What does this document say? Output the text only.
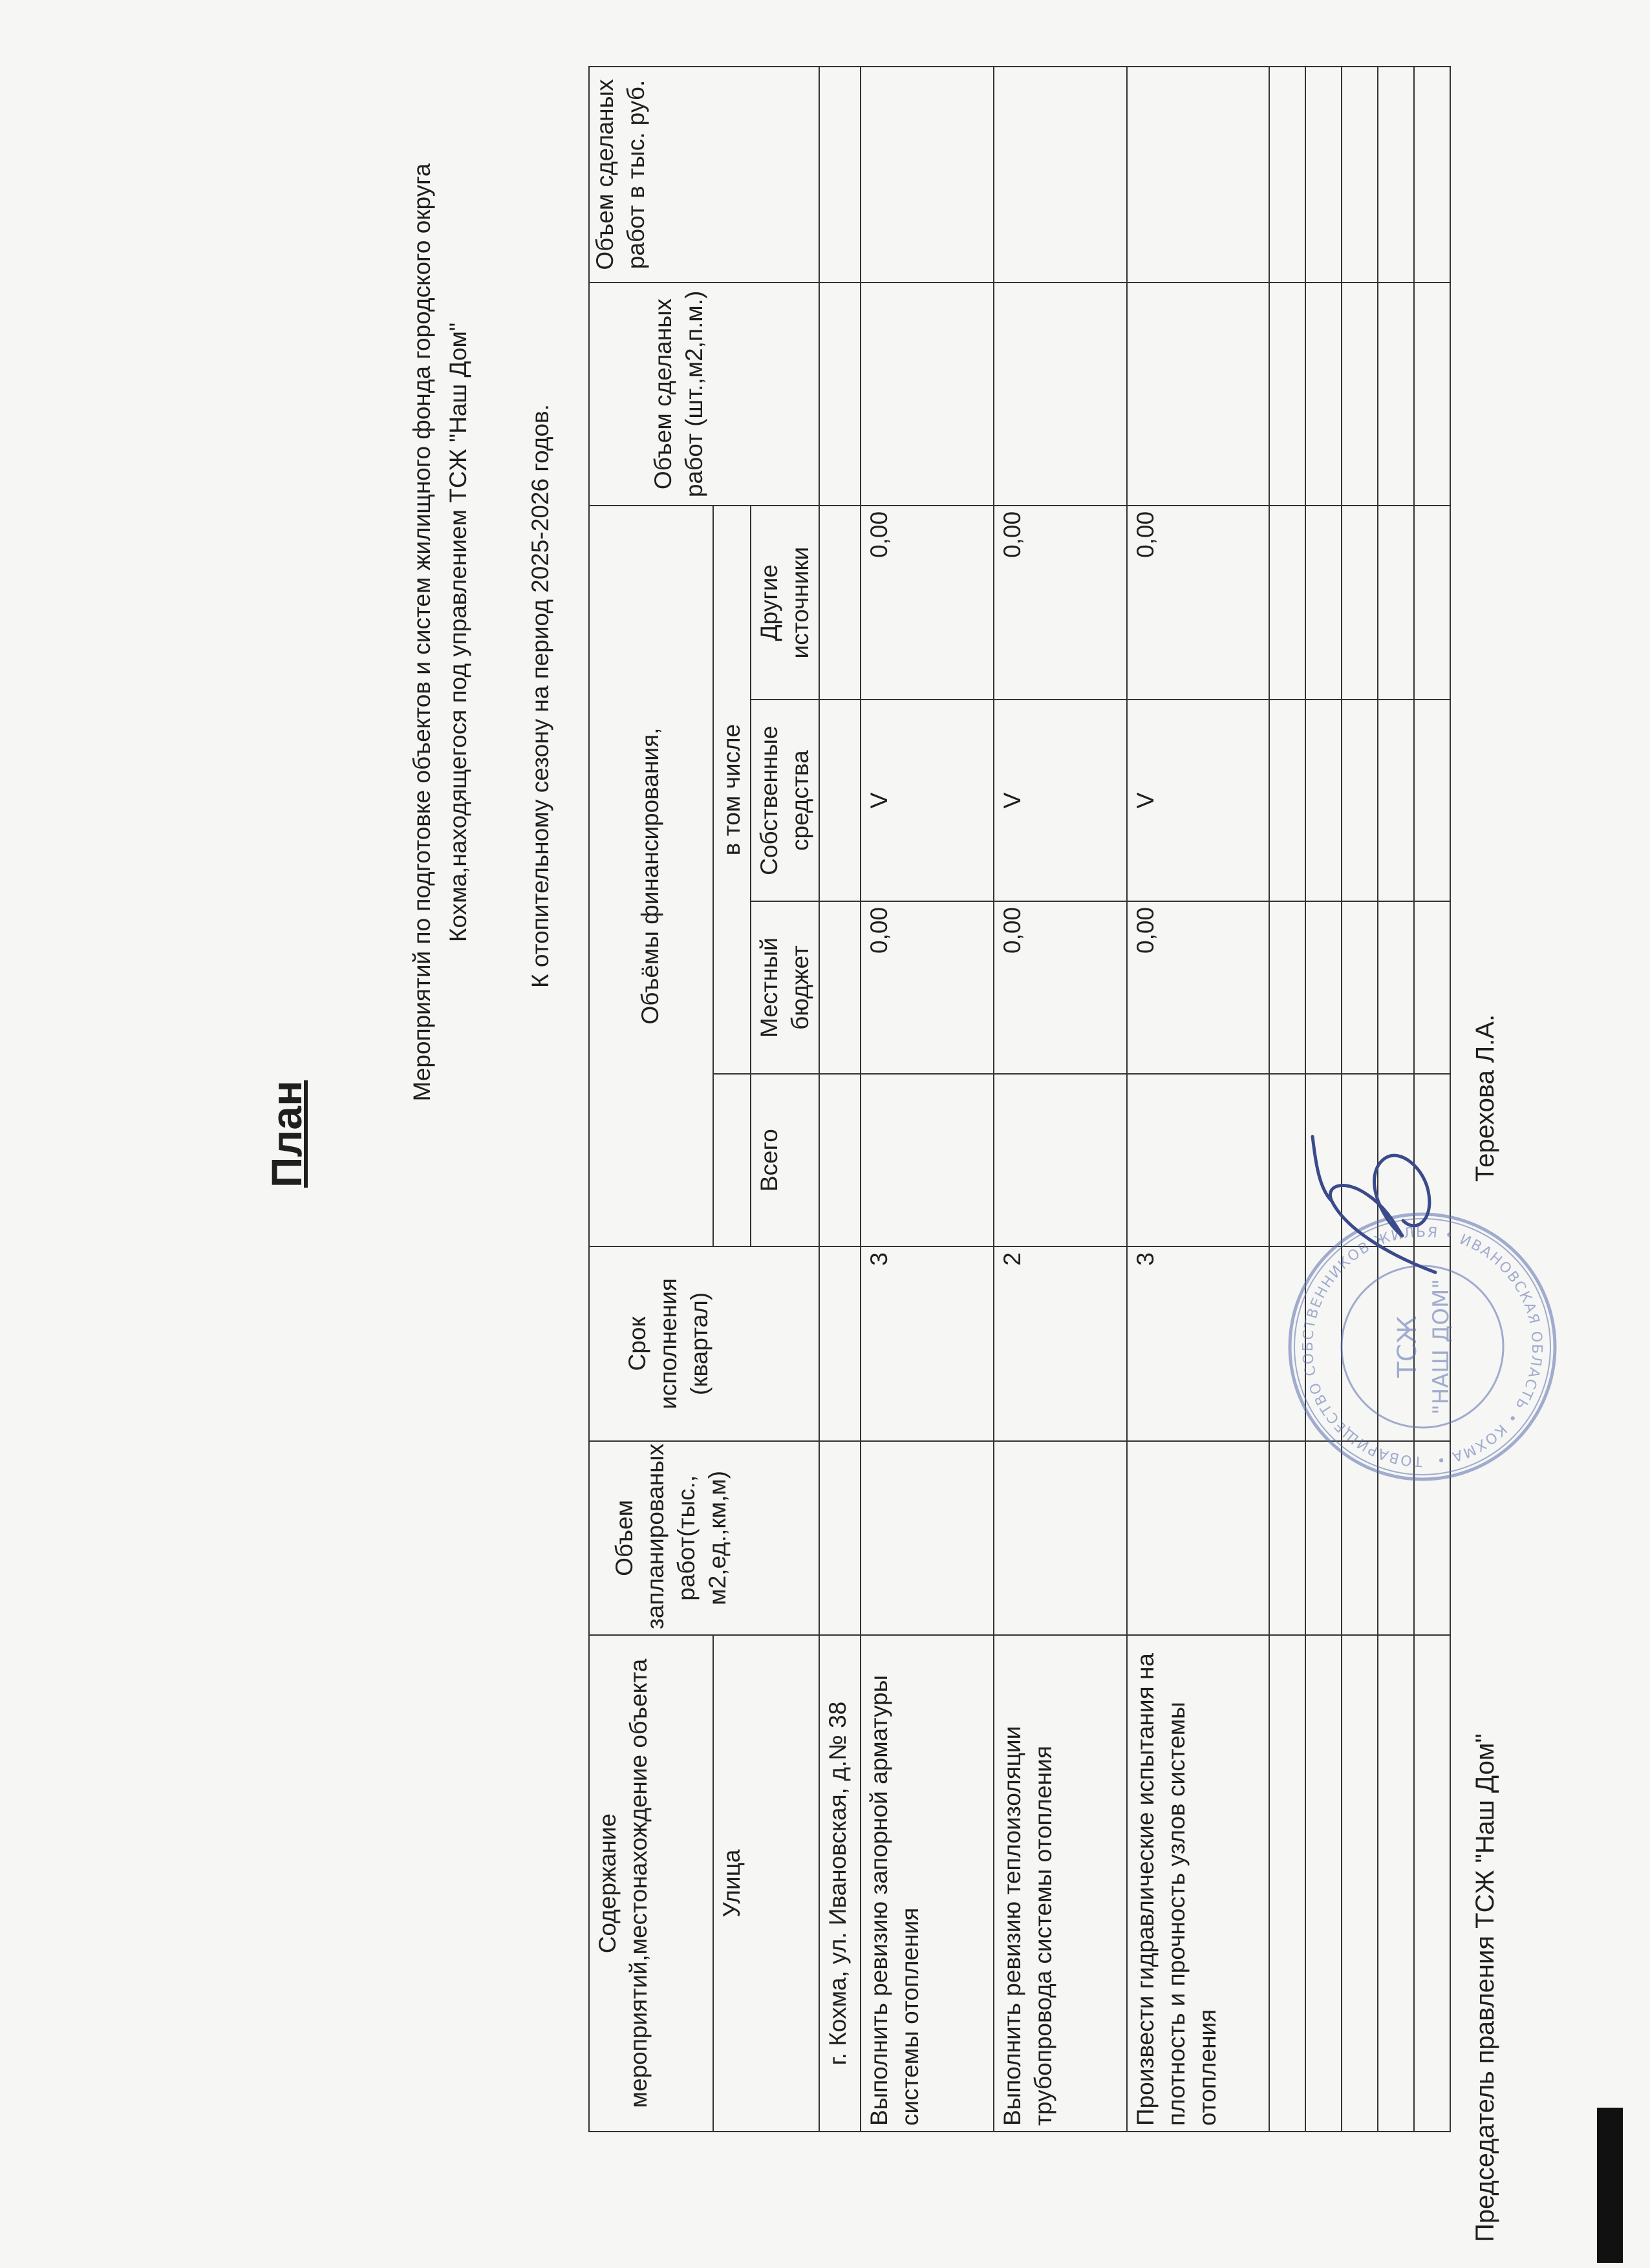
План
Мероприятий по подготовке объектов и систем жилищного фонда городского округа Кохма,находящегося под управлением ТСЖ "Наш Дом" К отопительному сезону на период 2025-2026 годов.
Содержание мероприятий,местонахождение объекта	Объем запланированых работ(тыс., м2,ед.,км,м)	Срок исполнения (квартал)	Объёмы финансирования,				Объем сделаных работ (шт.,м2,п.м.)	Объем сделаных работ в тыс. руб.
Улица				в том числе				
			Всего	Местный бюджет	Собственные средства	Другие источники		
г. Кохма, ул. Ивановская, д.№ 38								
Выполнить ревизию запорной арматуры системы отопления		3		0,00	V	0,00		
Выполнить ревизию теплоизоляции трубопровода системы отопления		2		0,00	V	0,00		
Произвести гидравлические испытания на плотность и прочность узлов системы отопления		3		0,00	V	0,00		

Председатель правления ТСЖ "Наш Дом"
Терехова Л.А.
ТОВАРИЩЕСТВО СОБСТВЕННИКОВ ЖИЛЬЯ • ИВАНОВСКАЯ ОБЛАСТЬ • КОХМА •
ТСЖ "НАШ ДОМ"
